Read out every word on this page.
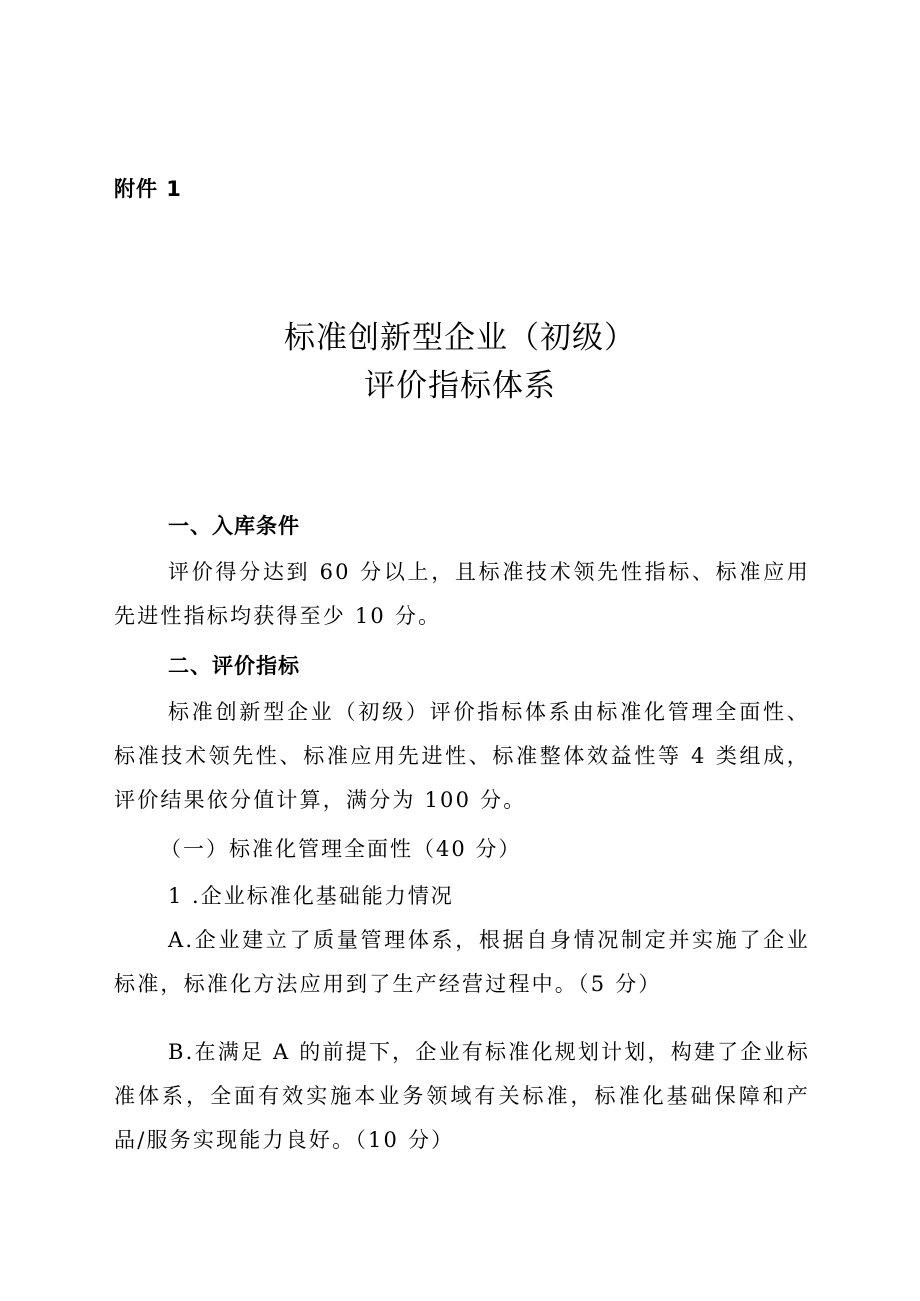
附件 1
标准创新型企业（初级）
评价指标体系
一、入库条件

评价得分达到 60 分以上，且标准技术领先性指标、标准应用先进性指标均获得至少 10 分。

二、评价指标

标准创新型企业（初级）评价指标体系由标准化管理全面性、标准技术领先性、标准应用先进性、标准整体效益性等 4 类组成，评价结果依分值计算，满分为 100 分。

（一）标准化管理全面性（40 分）
1 .企业标准化基础能力情况

A.企业建立了质量管理体系，根据自身情况制定并实施了企业标准，标准化方法应用到了生产经营过程中。（5 分）

B.在满足 A 的前提下，企业有标准化规划计划，构建了企业标准体系，全面有效实施本业务领域有关标准，标准化基础保障和产品/服务实现能力良好。（10 分）
